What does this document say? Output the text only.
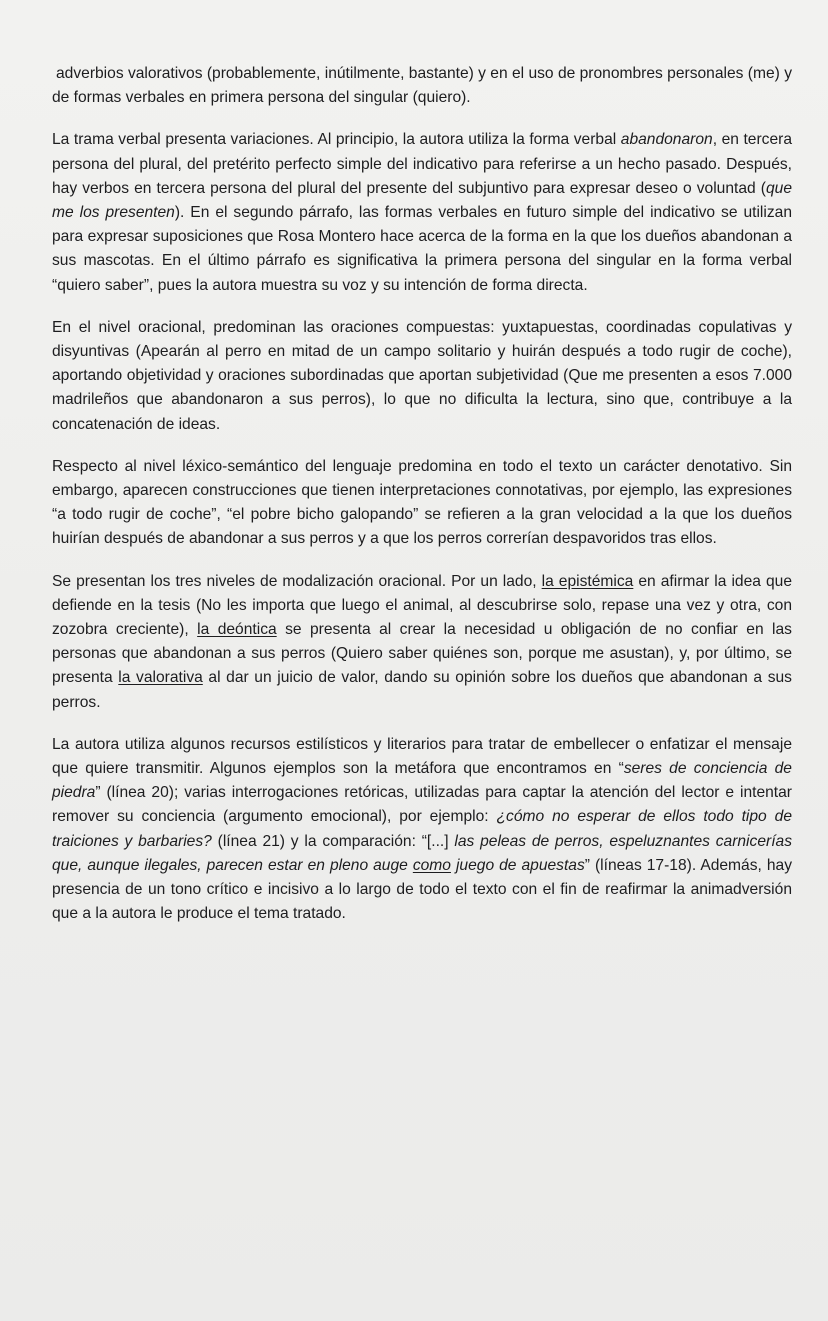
adverbios valorativos (probablemente, inútilmente, bastante) y en el uso de pronombres personales (me) y de formas verbales en primera persona del singular (quiero).

La trama verbal presenta variaciones. Al principio, la autora utiliza la forma verbal abandonaron, en tercera persona del plural, del pretérito perfecto simple del indicativo para referirse a un hecho pasado. Después, hay verbos en tercera persona del plural del presente del subjuntivo para expresar deseo o voluntad (que me los presenten). En el segundo párrafo, las formas verbales en futuro simple del indicativo se utilizan para expresar suposiciones que Rosa Montero hace acerca de la forma en la que los dueños abandonan a sus mascotas. En el último párrafo es significativa la primera persona del singular en la forma verbal “quiero saber”, pues la autora muestra su voz y su intención de forma directa.

En el nivel oracional, predominan las oraciones compuestas: yuxtapuestas, coordinadas copulativas y disyuntivas (Apearán al perro en mitad de un campo solitario y huirán después a todo rugir de coche), aportando objetividad y oraciones subordinadas que aportan subjetividad (Que me presenten a esos 7.000 madrileños que abandonaron a sus perros), lo que no dificulta la lectura, sino que, contribuye a la concatenación de ideas.

Respecto al nivel léxico-semántico del lenguaje predomina en todo el texto un carácter denotativo. Sin embargo, aparecen construcciones que tienen interpretaciones connotativas, por ejemplo, las expresiones “a todo rugir de coche”, “el pobre bicho galopando” se refieren a la gran velocidad a la que los dueños huirían después de abandonar a sus perros y a que los perros correrían despavoridos tras ellos.

Se presentan los tres niveles de modalización oracional. Por un lado, la epistémica en afirmar la idea que defiende en la tesis (No les importa que luego el animal, al descubrirse solo, repase una vez y otra, con zozobra creciente), la deóntica se presenta al crear la necesidad u obligación de no confiar en las personas que abandonan a sus perros (Quiero saber quiénes son, porque me asustan), y, por último, se presenta la valorativa al dar un juicio de valor, dando su opinión sobre los dueños que abandonan a sus perros.

La autora utiliza algunos recursos estilísticos y literarios para tratar de embellecer o enfatizar el mensaje que quiere transmitir. Algunos ejemplos son la metáfora que encontramos en “seres de conciencia de piedra” (línea 20); varias interrogaciones retóricas, utilizadas para captar la atención del lector e intentar remover su conciencia (argumento emocional), por ejemplo: ¿cómo no esperar de ellos todo tipo de traiciones y barbaries? (línea 21) y la comparación: “[...] las peleas de perros, espeluznantes carnicerías que, aunque ilegales, parecen estar en pleno auge como juego de apuestas” (líneas 17-18). Además, hay presencia de un tono crítico e incisivo a lo largo de todo el texto con el fin de reafirmar la animadversión que a la autora le produce el tema tratado.
